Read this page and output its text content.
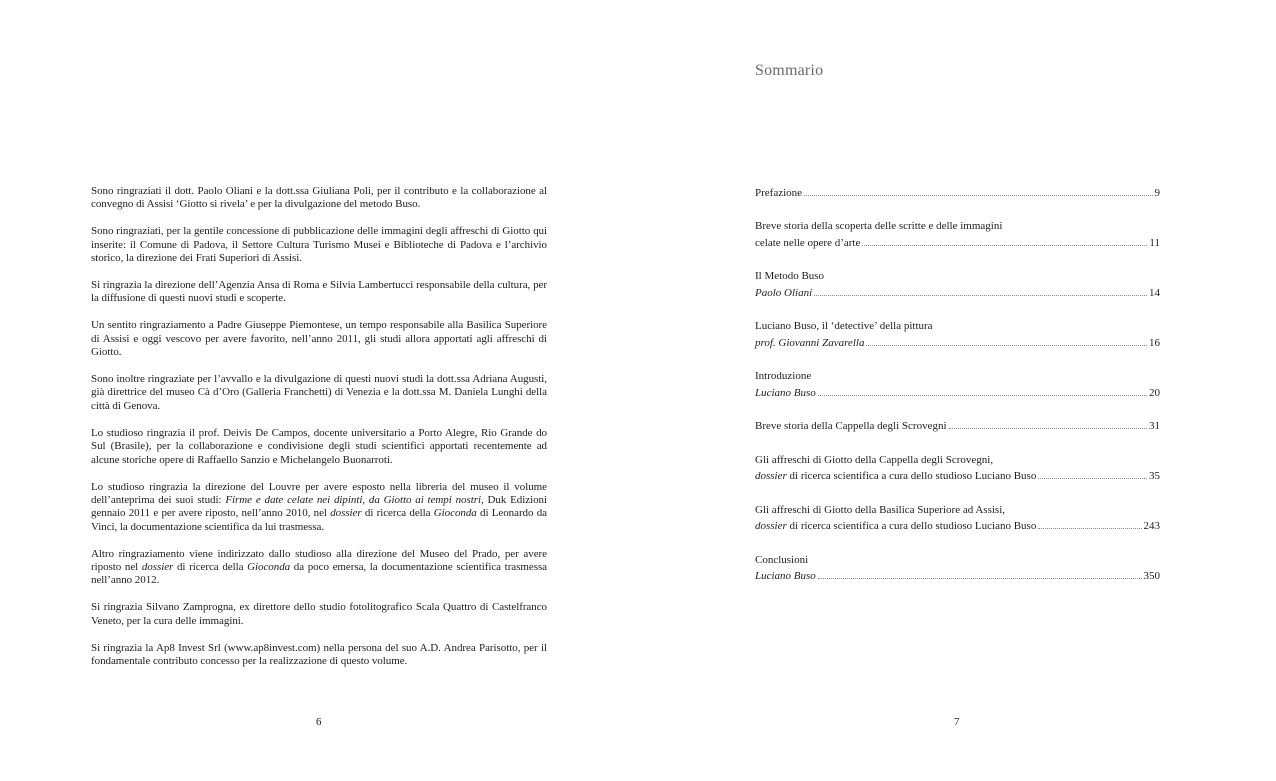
Sono ringraziati il dott. Paolo Oliani e la dott.ssa Giuliana Poli, per il contributo e la collaborazione al convegno di Assisi ‘Giotto si rivela’ e per la divulgazione del metodo Buso.

Sono ringraziati, per la gentile concessione di pubblicazione delle immagini degli affreschi di Giotto qui inserite: il Comune di Padova, il Settore Cultura Turismo Musei e Biblioteche di Padova e l’archivio storico, la direzione dei Frati Superiori di Assisi.

Si ringrazia la direzione dell’Agenzia Ansa di Roma e Silvia Lambertucci responsabile della cultura, per la diffusione di questi nuovi studi e scoperte.

Un sentito ringraziamento a Padre Giuseppe Piemontese, un tempo responsabile alla Basilica Superiore di Assisi e oggi vescovo per avere favorito, nell’anno 2011, gli studi allora apportati agli affreschi di Giotto.

Sono inoltre ringraziate per l’avvallo e la divulgazione di questi nuovi studi la dott.ssa Adriana Augusti, già direttrice del museo Cà d’Oro (Galleria Franchetti) di Venezia e la dott.ssa M. Daniela Lunghi della città di Genova.

Lo studioso ringrazia il prof. Deivis De Campos, docente universitario a Porto Alegre, Rio Grande do Sul (Brasile), per la collaborazione e condivisione degli studi scientifici apportati recentemente ad alcune storiche opere di Raffaello Sanzio e Michelangelo Buonarroti.

Lo studioso ringrazia la direzione del Louvre per avere esposto nella libreria del museo il volume dell’anteprima dei suoi studi: Firme e date celate nei dipinti, da Giotto ai tempi nostri, Duk Edizioni gennaio 2011 e per avere riposto, nell’anno 2010, nel dossier di ricerca della Gioconda di Leonardo da Vinci, la documentazione scientifica da lui trasmessa.

Altro ringraziamento viene indirizzato dallo studioso alla direzione del Museo del Prado, per avere riposto nel dossier di ricerca della Gioconda da poco emersa, la documentazione scientifica trasmessa nell’anno 2012.

Si ringrazia Silvano Zamprogna, ex direttore dello studio fotolitografico Scala Quattro di Castelfranco Veneto, per la cura delle immagini.

Si ringrazia la Ap8 Invest Srl (www.ap8invest.com) nella persona del suo A.D. Andrea Parisotto, per il fondamentale contributo concesso per la realizzazione di questo volume.

6
Sommario
Prefazione	9
Breve storia della scoperta delle scritte e delle immagini
celate nelle opere d’arte	11
Il Metodo Buso
Paolo Oliani	14
Luciano Buso, il ‘detective’ della pittura
prof. Giovanni Zavarella	16
Introduzione
Luciano Buso	20
Breve storia della Cappella degli Scrovegni	31
Gli affreschi di Giotto della Cappella degli Scrovegni,
dossier di ricerca scientifica a cura dello studioso Luciano Buso	35
Gli affreschi di Giotto della Basilica Superiore ad Assisi,
dossier di ricerca scientifica a cura dello studioso Luciano Buso	243
Conclusioni
Luciano Buso	350
7
